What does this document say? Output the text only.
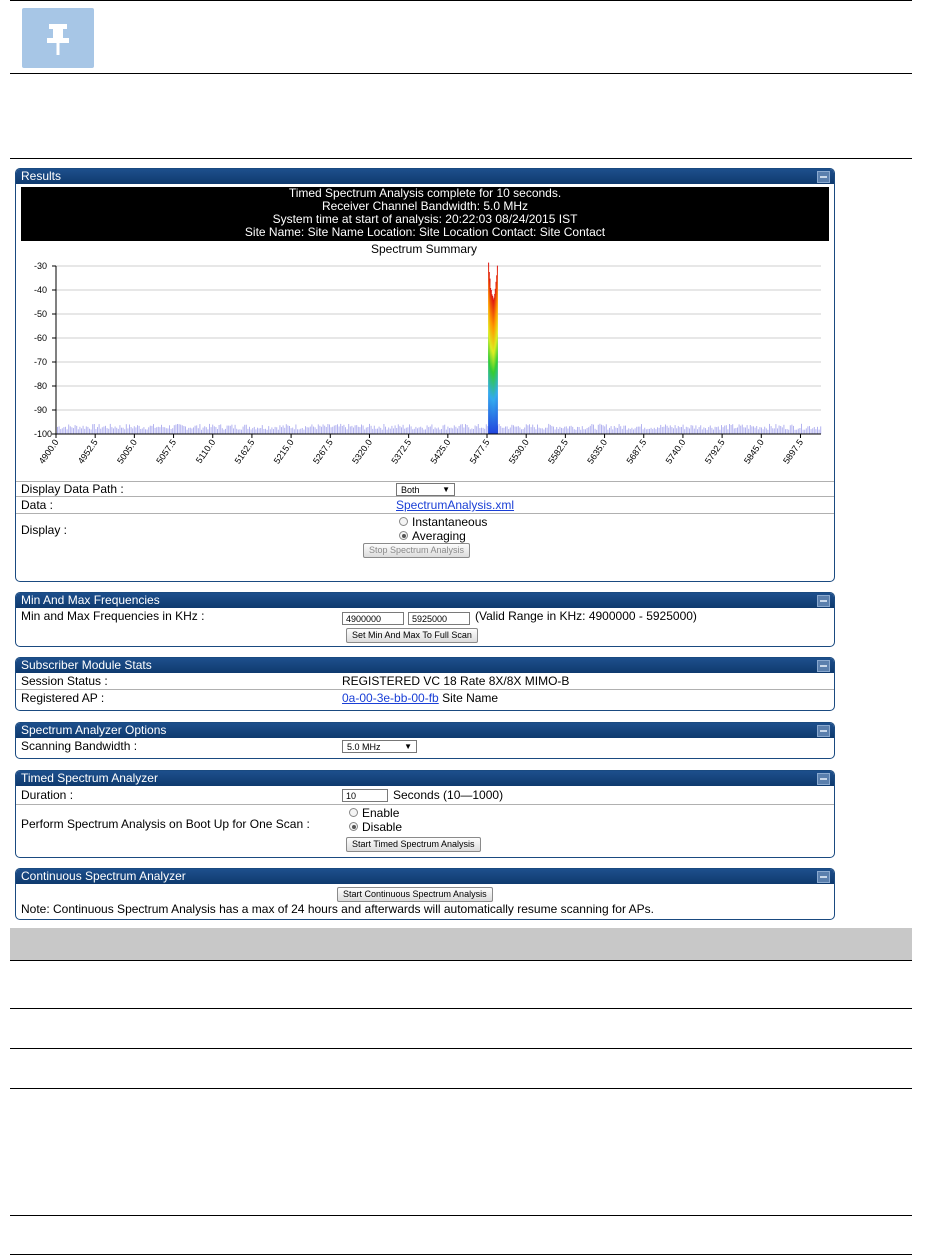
Results
Timed Spectrum Analysis complete for 10 seconds.
Receiver Channel Bandwidth: 5.0 MHz
System time at start of analysis: 20:22:03 08/24/2015 IST
Site Name: Site Name Location: Site Location Contact: Site Contact
Spectrum Summary
-30
-40
-50
-60
-70
-80
-90
-100
4900.0 4952.5 5005.0 5057.5 5110.0 5162.5 5215.0 5267.5 5320.0 5372.5 5425.0 5477.5 5530.0 5582.5 5635.0 5687.5 5740.0 5792.5 5845.0 5897.5
Display Data Path :	Both	▼
Data :	SpectrumAnalysis.xml
Display :
Instantaneous
Averaging
Stop Spectrum Analysis
Min And Max Frequencies
Min and Max Frequencies in KHz :	4900000	5925000	(Valid Range in KHz: 4900000 - 5925000)
Set Min And Max To Full Scan
Subscriber Module Stats
Session Status :	REGISTERED VC 18 Rate 8X/8X MIMO-B
Registered AP :	0a-00-3e-bb-00-fb Site Name
Spectrum Analyzer Options
Scanning Bandwidth :	5.0 MHz	▼
Timed Spectrum Analyzer
Duration :	10	Seconds (10—1000)
Perform Spectrum Analysis on Boot Up for One Scan :
Enable
Disable
Start Timed Spectrum Analysis
Continuous Spectrum Analyzer
Start Continuous Spectrum Analysis
Note: Continuous Spectrum Analysis has a max of 24 hours and afterwards will automatically resume scanning for APs.
